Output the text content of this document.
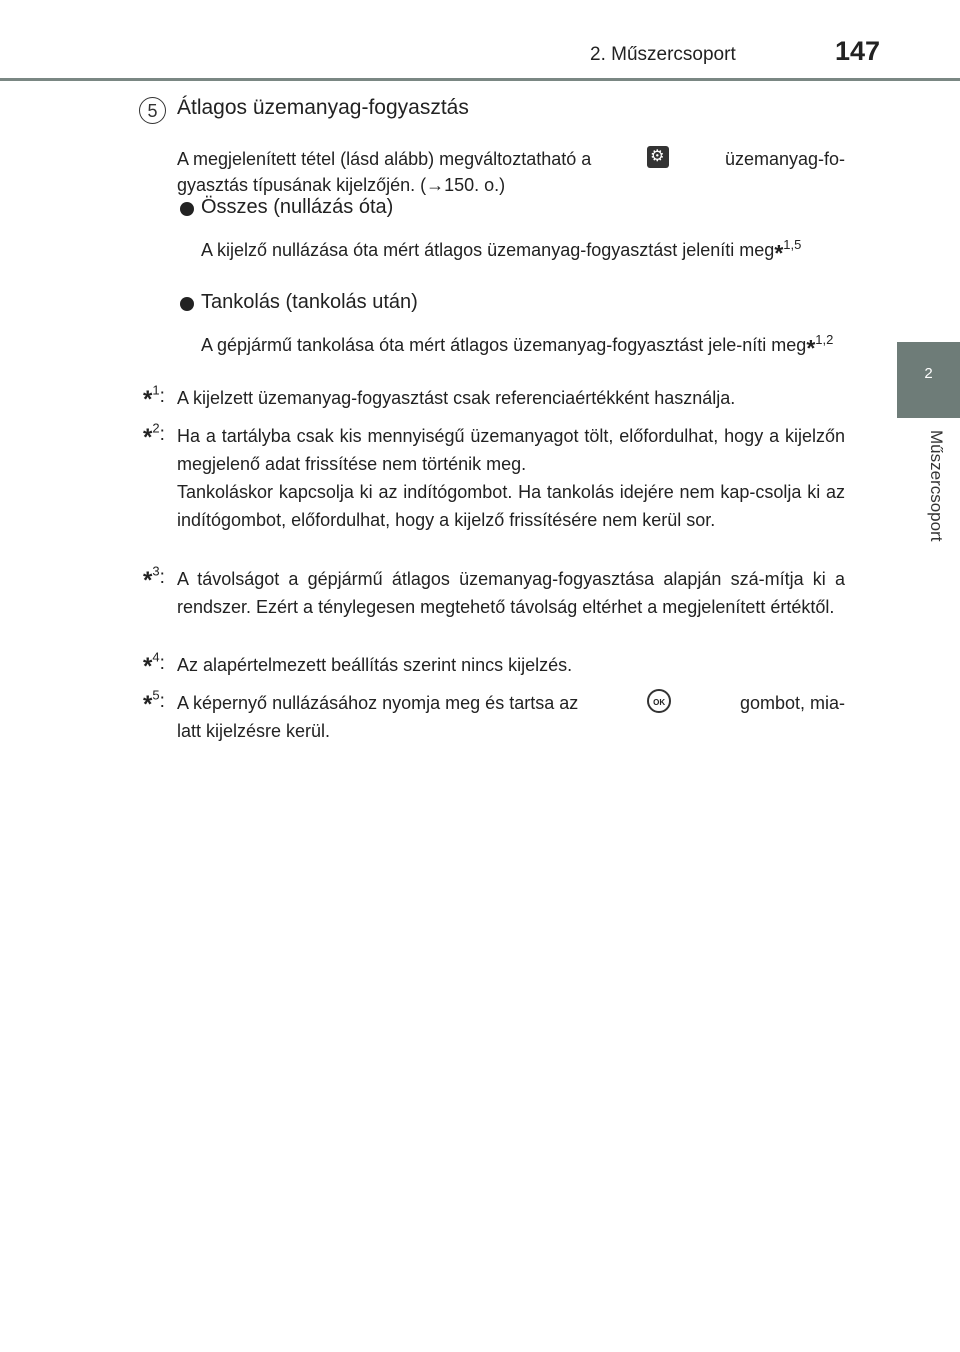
2. Műszercsoport	147
2
Műszercsoport
5 Átlagos üzemanyag-fogyasztás
A megjelenített tétel (lásd alább) megváltoztatható a
⚙	üzemanyag-fo-
gyasztás típusának kijelzőjén. (→150. o.)
Összes (nullázás óta)
A kijelző nullázása óta mért átlagos üzemanyag-fogyasztást jeleníti meg*$^{1,5}$
Tankolás (tankolás után)
A gépjármű tankolása óta mért átlagos üzemanyag-fogyasztást jele-níti meg*$^{1,2}$
*$^1$: A kijelzett üzemanyag-fogyasztást csak referenciaértékként használja.
*$^2$: Ha a tartályba csak kis mennyiségű üzemanyagot tölt, előfordulhat, hogy a kijelzőn megjelenő adat frissítése nem történik meg.
Tankoláskor kapcsolja ki az indítógombot. Ha tankolás idejére nem kap-csolja ki az indítógombot, előfordulhat, hogy a kijelző frissítésére nem kerül sor.
*$^3$: A távolságot a gépjármű átlagos üzemanyag-fogyasztása alapján szá-mítja ki a rendszer. Ezért a ténylegesen megtehető távolság eltérhet a megjelenített értéktől.
*$^4$: Az alapértelmezett beállítás szerint nincs kijelzés.
*$^5$: A képernyő nullázásához nyomja meg és tartsa az	OK	gombot, mia-
latt kijelzésre kerül.
